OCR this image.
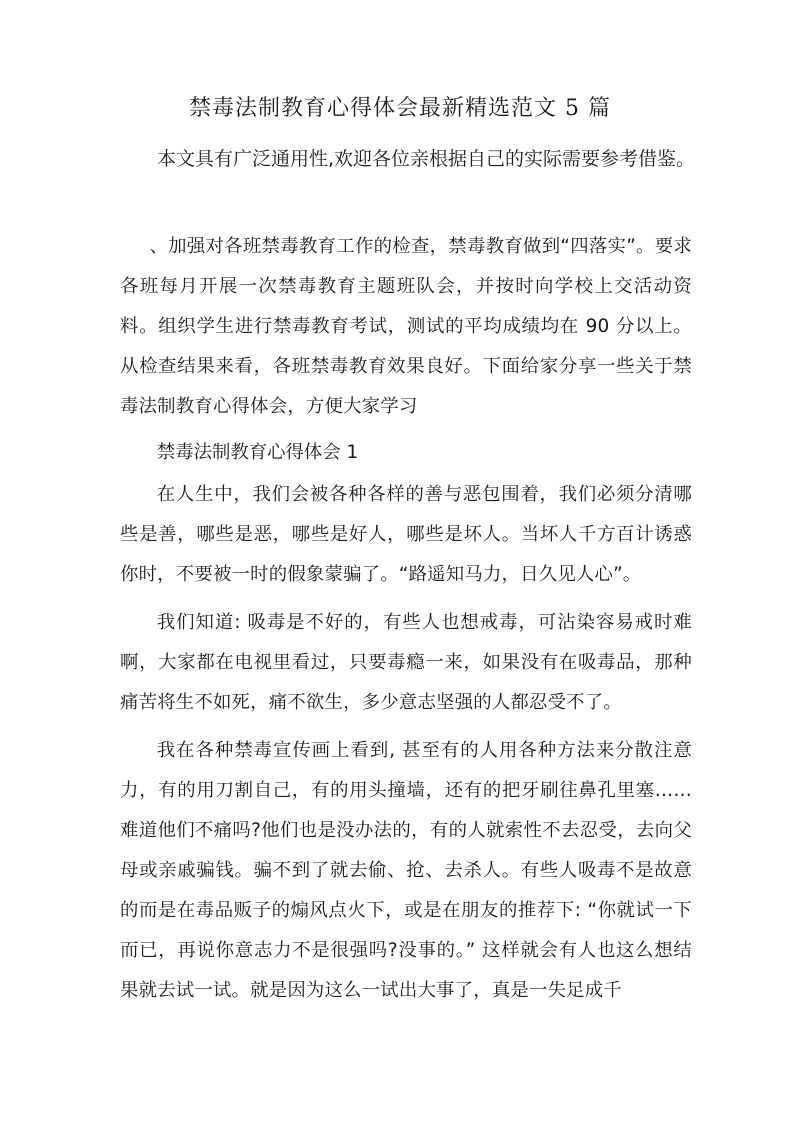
禁毒法制教育心得体会最新精选范文 5 篇

本文具有广泛通用性,欢迎各位亲根据自己的实际需要参考借鉴。

、加强对各班禁毒教育工作的检查，禁毒教育做到“四落实”。要求各班每月开展一次禁毒教育主题班队会，并按时向学校上交活动资料。组织学生进行禁毒教育考试，测试的平均成绩均在 90 分以上。从检查结果来看，各班禁毒教育效果良好。下面给家分享一些关于禁毒法制教育心得体会，方便大家学习

禁毒法制教育心得体会 1

在人生中，我们会被各种各样的善与恶包围着，我们必须分清哪些是善，哪些是恶，哪些是好人，哪些是坏人。当坏人千方百计诱惑你时，不要被一时的假象蒙骗了。“路遥知马力，日久见人心”。

我们知道: 吸毒是不好的，有些人也想戒毒，可沾染容易戒时难啊，大家都在电视里看过，只要毒瘾一来，如果没有在吸毒品，那种痛苦将生不如死，痛不欲生，多少意志坚强的人都忍受不了。

我在各种禁毒宣传画上看到, 甚至有的人用各种方法来分散注意力，有的用刀割自己，有的用头撞墙，还有的把牙刷往鼻孔里塞……难道他们不痛吗?他们也是没办法的，有的人就索性不去忍受，去向父母或亲戚骗钱。骗不到了就去偷、抢、去杀人。有些人吸毒不是故意的而是在毒品贩子的煽风点火下，或是在朋友的推荐下: “你就试一下而已，再说你意志力不是很强吗?没事的。” 这样就会有人也这么想结果就去试一试。就是因为这么一试出大事了，真是一失足成千
